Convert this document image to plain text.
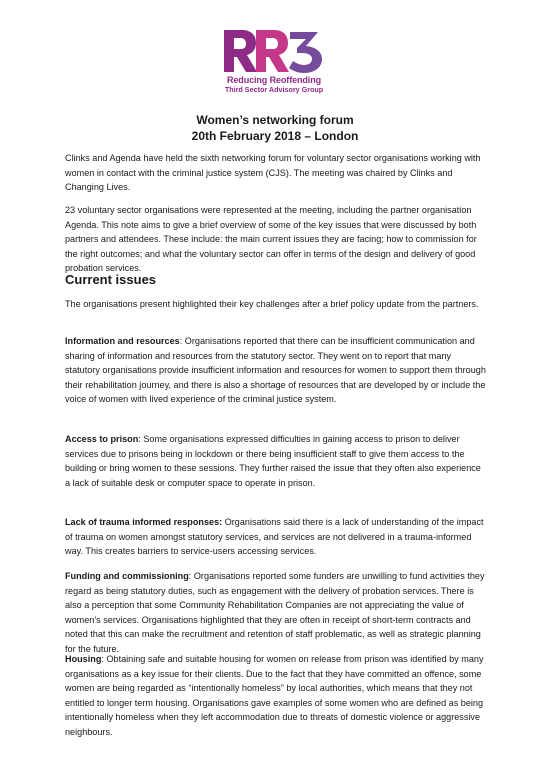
Reducing Reoffending
Third Sector Advisory Group
Women’s networking forum
20th February 2018 – London

Clinks and Agenda have held the sixth networking forum for voluntary sector organisations working with women in contact with the criminal justice system (CJS). The meeting was chaired by Clinks and Changing Lives.

23 voluntary sector organisations were represented at the meeting, including the partner organisation Agenda. This note aims to give a brief overview of some of the key issues that were discussed by both partners and attendees. These include: the main current issues they are facing; how to commission for the right outcomes; and what the voluntary sector can offer in terms of the design and delivery of good probation services.

Current issues

The organisations present highlighted their key challenges after a brief policy update from the partners.

Information and resources: Organisations reported that there can be insufficient communication and sharing of information and resources from the statutory sector. They went on to report that many statutory organisations provide insufficient information and resources for women to support them through their rehabilitation journey, and there is also a shortage of resources that are developed by or include the voice of women with lived experience of the criminal justice system.

Access to prison: Some organisations expressed difficulties in gaining access to prison to deliver services due to prisons being in lockdown or there being insufficient staff to give them access to the building or bring women to these sessions. They further raised the issue that they often also experience a lack of suitable desk or computer space to operate in prison.

Lack of trauma informed responses: Organisations said there is a lack of understanding of the impact of trauma on women amongst statutory services, and services are not delivered in a trauma-informed way. This creates barriers to service-users accessing services.

Funding and commissioning: Organisations reported some funders are unwilling to fund activities they regard as being statutory duties, such as engagement with the delivery of probation services. There is also a perception that some Community Rehabilitation Companies are not appreciating the value of women’s services. Organisations highlighted that they are often in receipt of short-term contracts and noted that this can make the recruitment and retention of staff problematic, as well as strategic planning for the future.

Housing: Obtaining safe and suitable housing for women on release from prison was identified by many organisations as a key issue for their clients. Due to the fact that they have committed an offence, some women are being regarded as “intentionally homeless” by local authorities, which means that they not entitled to longer term housing. Organisations gave examples of some women who are defined as being intentionally homeless when they left accommodation due to threats of domestic violence or aggressive neighbours.
